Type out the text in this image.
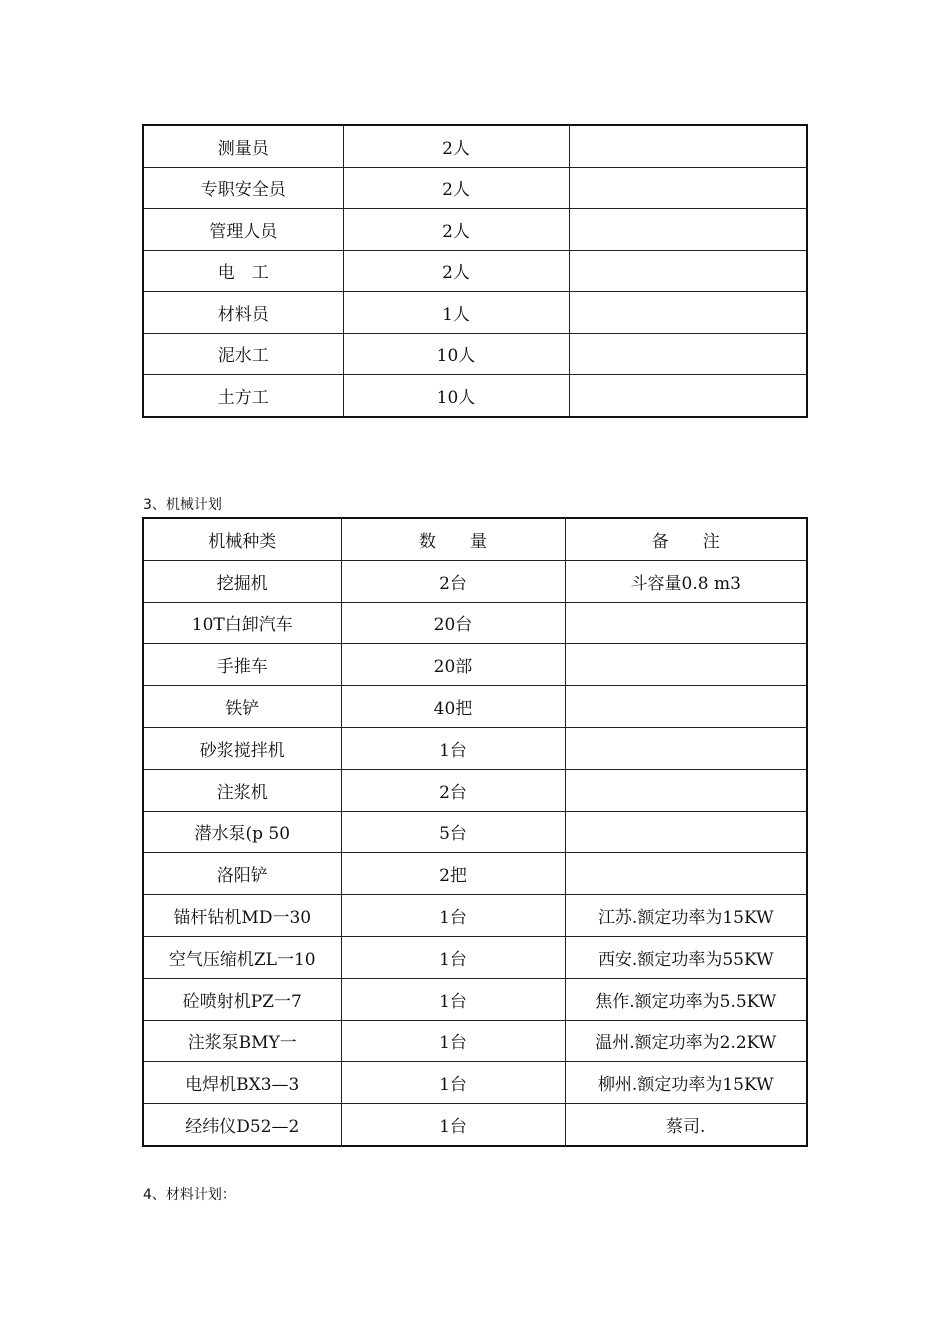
测量员	2人	
专职安全员	2人	
管理人员	2人	
电　工	2人	
材料员	1人	
泥水工	10人	
土方工	10人	
3、机械计划
机械种类	数　　量	备　　注
挖掘机	2台	斗容量0.8 m3
10T白卸汽车	20台	
手推车	20部	
铁铲	40把	
砂浆搅拌机	1台	
注浆机	2台	
潜水泵(p 50	5台	
洛阳铲	2把	
锚杆钻机MD一30	1台	江苏.额定功率为15KW
空气压缩机ZL一10	1台	西安.额定功率为55KW
砼喷射机PZ一7	1台	焦作.额定功率为5.5KW
注浆泵BMY一	1台	温州.额定功率为2.2KW
电焊机BX3—3	1台	柳州.额定功率为15KW
经纬仪D52—2	1台	蔡司.
4、材料计划：
